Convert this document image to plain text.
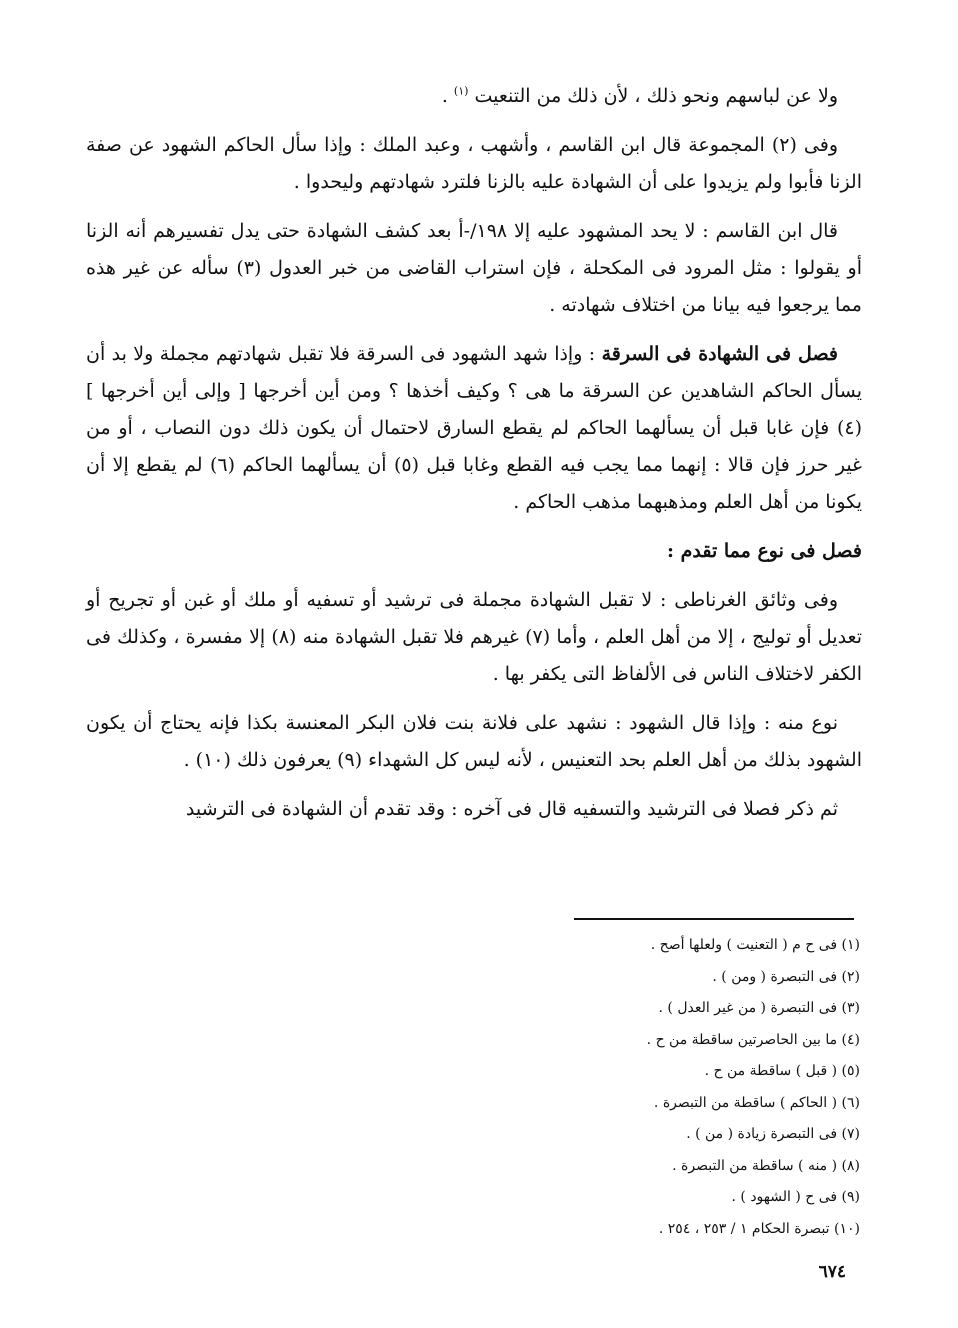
ولا عن لباسهم ونحو ذلك ، لأن ذلك من التنعيت $^{(١)}$ .

وفى (٢) المجموعة قال ابن القاسم ، وأشهب ، وعبد الملك : وإذا سأل الحاكم الشهود عن صفة الزنا فأبوا ولم يزيدوا على أن الشهادة عليه بالزنا فلترد شهادتهم وليحدوا .

قال ابن القاسم : لا يحد المشهود عليه إلا ١٩٨/-أ بعد كشف الشهادة حتى يدل تفسيرهم أنه الزنا أو يقولوا : مثل المرود فى المكحلة ، فإن استراب القاضى من خبر العدول (٣) سأله عن غير هذه مما يرجعوا فيه بيانا من اختلاف شهادته .

فصل فى الشهادة فى السرقة : وإذا شهد الشهود فى السرقة فلا تقبل شهادتهم مجملة ولا بد أن يسأل الحاكم الشاهدين عن السرقة ما هى ؟ وكيف أخذها ؟ ومن أين أخرجها [ وإلى أين أخرجها ] (٤) فإن غابا قبل أن يسألهما الحاكم لم يقطع السارق لاحتمال أن يكون ذلك دون النصاب ، أو من غير حرز فإن قالا : إنهما مما يجب فيه القطع وغابا قبل (٥) أن يسألهما الحاكم (٦) لم يقطع إلا أن يكونا من أهل العلم ومذهبهما مذهب الحاكم .

فصل فى نوع مما تقدم :

وفى وثائق الغرناطى : لا تقبل الشهادة مجملة فى ترشيد أو تسفيه أو ملك أو غبن أو تجريح أو تعديل أو توليج ، إلا من أهل العلم ، وأما (٧) غيرهم فلا تقبل الشهادة منه (٨) إلا مفسرة ، وكذلك فى الكفر لاختلاف الناس فى الألفاظ التى يكفر بها .

نوع منه : وإذا قال الشهود : نشهد على فلانة بنت فلان البكر المعنسة بكذا فإنه يحتاج أن يكون الشهود بذلك من أهل العلم بحد التعنيس ، لأنه ليس كل الشهداء (٩) يعرفون ذلك (١٠) .

ثم ذكر فصلا فى الترشيد والتسفيه قال فى آخره : وقد تقدم أن الشهادة فى الترشيد

(١) فى ح م ( التعنيت ) ولعلها أصح .
(٢) فى التبصرة ( ومن ) .
(٣) فى التبصرة ( من غير العدل ) .
(٤) ما بين الحاصرتين ساقطة من ح .
(٥) ( قبل ) ساقطة من ح .
(٦) ( الحاكم ) ساقطة من التبصرة .
(٧) فى التبصرة زيادة ( من ) .
(٨) ( منه ) ساقطة من التبصرة .
(٩) فى ح ( الشهود ) .
(١٠) تبصرة الحكام ١ / ٢٥٣ ، ٢٥٤ .
٦٧٤
